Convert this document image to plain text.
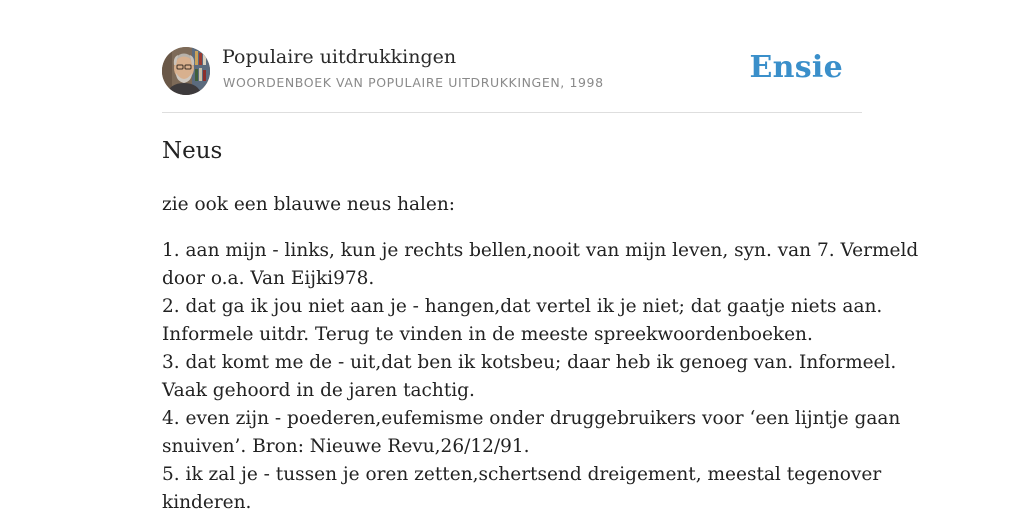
Populaire uitdrukkingen
WOORDENBOEK VAN POPULAIRE UITDRUKKINGEN, 1998	Ensie
Neus

zie ook een blauwe neus halen:

1. aan mijn - links, kun je rechts bellen,nooit van mijn leven, syn. van 7. Vermeld
door o.a. Van Eijki978.
2. dat ga ik jou niet aan je - hangen,dat vertel ik je niet; dat gaatje niets aan.
Informele uitdr. Terug te vinden in de meeste spreekwoordenboeken.
3. dat komt me de - uit,dat ben ik kotsbeu; daar heb ik genoeg van. Informeel.
Vaak gehoord in de jaren tachtig.
4. even zijn - poederen,eufemisme onder druggebruikers voor ‘een lijntje gaan
snuiven’. Bron: Nieuwe Revu,26/12/91.
5. ik zal je - tussen je oren zetten,schertsend dreigement, meestal tegenover
kinderen.
